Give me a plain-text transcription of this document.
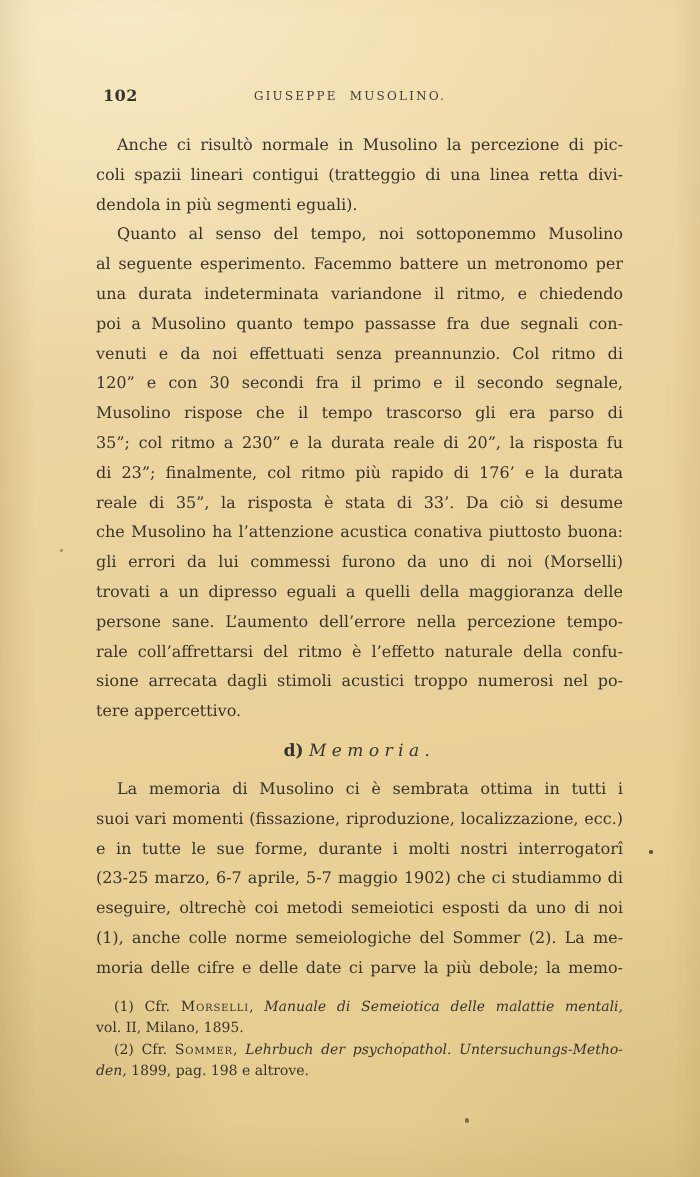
102	GIUSEPPE MUSOLINO.
Anche ci risultò normale in Musolino la percezione di pic-
coli spazii lineari contigui (tratteggio di una linea retta divi-
dendola in più segmenti eguali).
Quanto al senso del tempo, noi sottoponemmo Musolino
al seguente esperimento. Facemmo battere un metronomo per
una durata indeterminata variandone il ritmo, e chiedendo
poi a Musolino quanto tempo passasse fra due segnali con-
venuti e da noi effettuati senza preannunzio. Col ritmo di
120” e con 30 secondi fra il primo e il secondo segnale,
Musolino rispose che il tempo trascorso gli era parso di
35”; col ritmo a 230” e la durata reale di 20”, la risposta fu
di 23”; finalmente, col ritmo più rapido di 176’ e la durata
reale di 35”, la risposta è stata di 33’. Da ciò si desume
che Musolino ha l’attenzione acustica conativa piuttosto buona:
gli errori da lui commessi furono da uno di noi (Morselli)
trovati a un dipresso eguali a quelli della maggioranza delle
persone sane. L’aumento dell’errore nella percezione tempo-
rale coll’affrettarsi del ritmo è l’effetto naturale della confu-
sione arrecata dagli stimoli acustici troppo numerosi nel po-
tere appercettivo.
d) Memoria.
La memoria di Musolino ci è sembrata ottima in tutti i
suoi vari momenti (fissazione, riproduzione, localizzazione, ecc.)
e in tutte le sue forme, durante i molti nostri interrogatorî
(23-25 marzo, 6-7 aprile, 5-7 maggio 1902) che ci studiammo di
eseguire, oltrechè coi metodi semeiotici esposti da uno di noi
(1), anche colle norme semeiologiche del Sommer (2). La me-
moria delle cifre e delle date ci parve la più debole; la memo-
(1) Cfr. Morselli, Manuale di Semeiotica delle malattie mentali,
vol. II, Milano, 1895.
(2) Cfr. Sommer, Lehrbuch der psychopathol. Untersuchungs-Metho-
den, 1899, pag. 198 e altrove.
